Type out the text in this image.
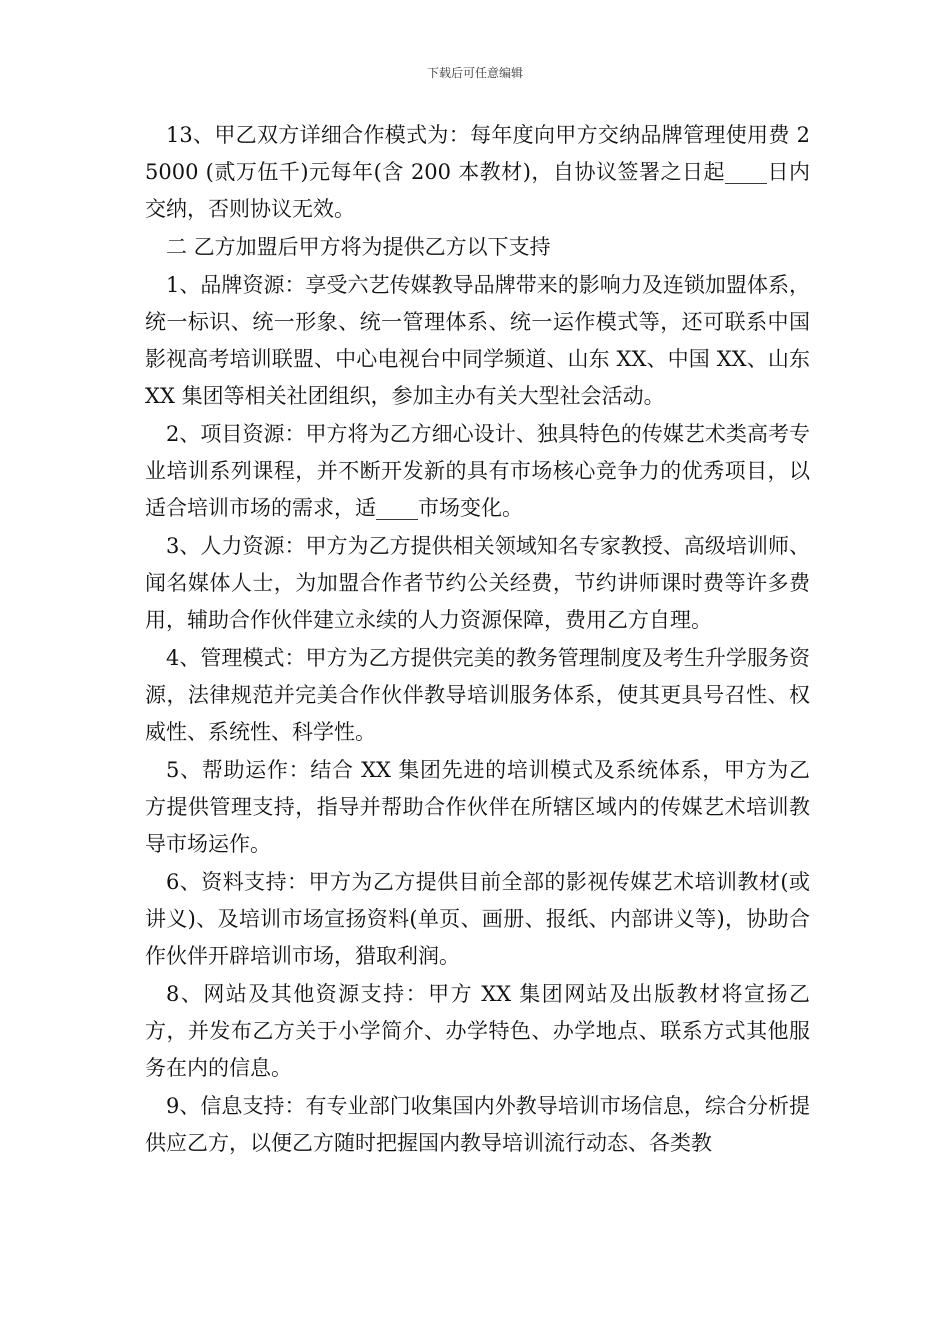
下载后可任意编辑

13、甲乙双方详细合作模式为：每年度向甲方交纳品牌管理使用费 25000 (贰万伍千)元每年(含 200 本教材)，自协议签署之日起____日内交纳，否则协议无效。

二 乙方加盟后甲方将为提供乙方以下支持

1、品牌资源：享受六艺传媒教导品牌带来的影响力及连锁加盟体系，统一标识、统一形象、统一管理体系、统一运作模式等，还可联系中国影视高考培训联盟、中心电视台中同学频道、山东 XX、中国 XX、山东 XX 集团等相关社团组织，参加主办有关大型社会活动。

2、项目资源：甲方将为乙方细心设计、独具特色的传媒艺术类高考专业培训系列课程，并不断开发新的具有市场核心竞争力的优秀项目，以适合培训市场的需求，适____市场变化。

3、人力资源：甲方为乙方提供相关领域知名专家教授、高级培训师、闻名媒体人士，为加盟合作者节约公关经费，节约讲师课时费等许多费用，辅助合作伙伴建立永续的人力资源保障，费用乙方自理。

4、管理模式：甲方为乙方提供完美的教务管理制度及考生升学服务资源，法律规范并完美合作伙伴教导培训服务体系，使其更具号召性、权威性、系统性、科学性。

5、帮助运作：结合 XX 集团先进的培训模式及系统体系，甲方为乙方提供管理支持，指导并帮助合作伙伴在所辖区域内的传媒艺术培训教导市场运作。

6、资料支持：甲方为乙方提供目前全部的影视传媒艺术培训教材(或讲义)、及培训市场宣扬资料(单页、画册、报纸、内部讲义等)，协助合作伙伴开辟培训市场，猎取利润。

8、网站及其他资源支持：甲方 XX 集团网站及出版教材将宣扬乙方，并发布乙方关于小学简介、办学特色、办学地点、联系方式其他服务在内的信息。

9、信息支持：有专业部门收集国内外教导培训市场信息，综合分析提供应乙方，以便乙方随时把握国内教导培训流行动态、各类教
